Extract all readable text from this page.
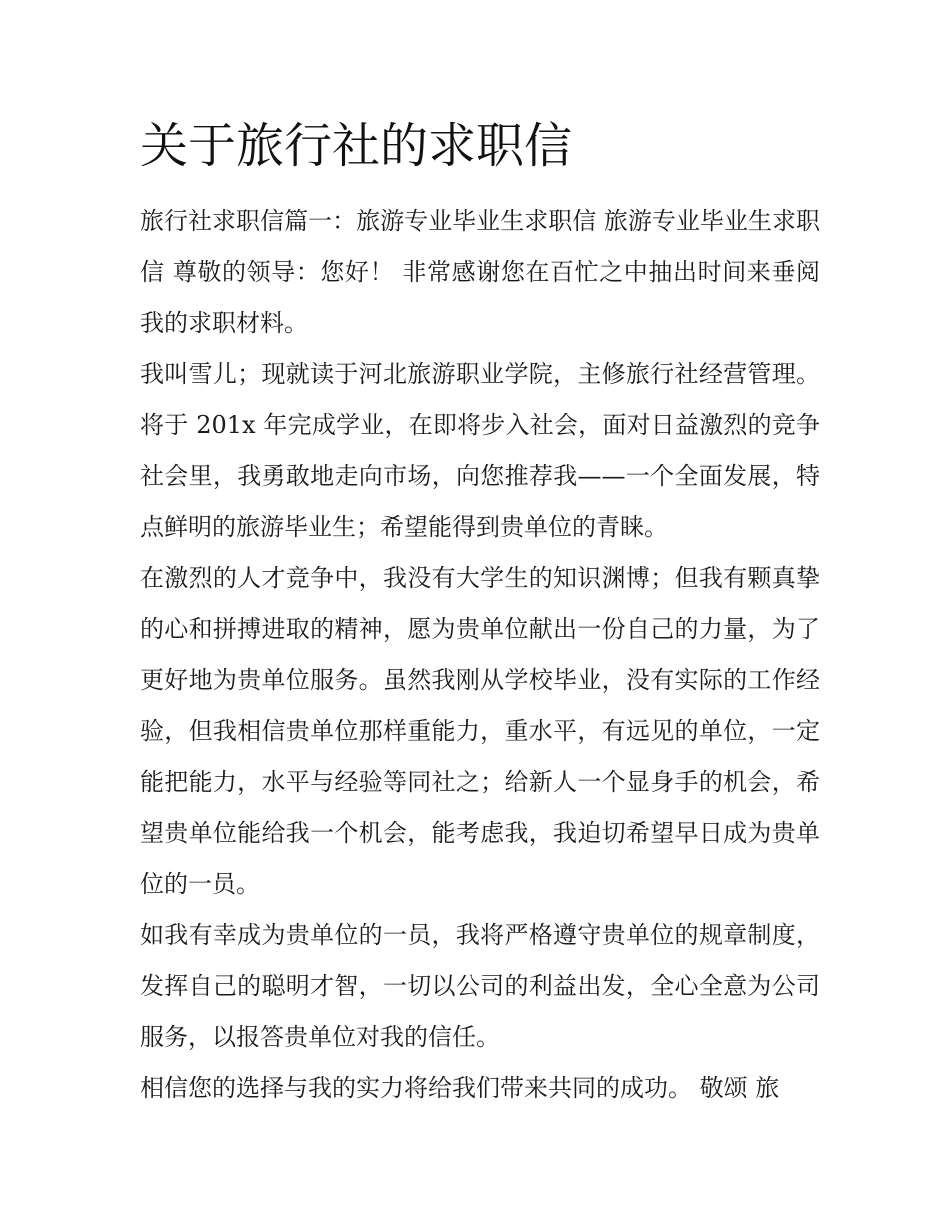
关于旅行社的求职信

旅行社求职信篇一：旅游专业毕业生求职信 旅游专业毕业生求职信 尊敬的领导：您好！ 非常感谢您在百忙之中抽出时间来垂阅我的求职材料。

我叫雪儿；现就读于河北旅游职业学院，主修旅行社经营管理。将于 201x 年完成学业，在即将步入社会，面对日益激烈的竞争社会里，我勇敢地走向市场，向您推荐我——一个全面发展，特点鲜明的旅游毕业生；希望能得到贵单位的青睐。

在激烈的人才竞争中，我没有大学生的知识渊博；但我有颗真挚的心和拼搏进取的精神，愿为贵单位献出一份自己的力量，为了更好地为贵单位服务。虽然我刚从学校毕业，没有实际的工作经验，但我相信贵单位那样重能力，重水平，有远见的单位，一定能把能力，水平与经验等同社之；给新人一个显身手的机会，希望贵单位能给我一个机会，能考虑我，我迫切希望早日成为贵单位的一员。

如我有幸成为贵单位的一员，我将严格遵守贵单位的规章制度，发挥自己的聪明才智，一切以公司的利益出发，全心全意为公司服务，以报答贵单位对我的信任。

相信您的选择与我的实力将给我们带来共同的成功。 敬颂 旅
